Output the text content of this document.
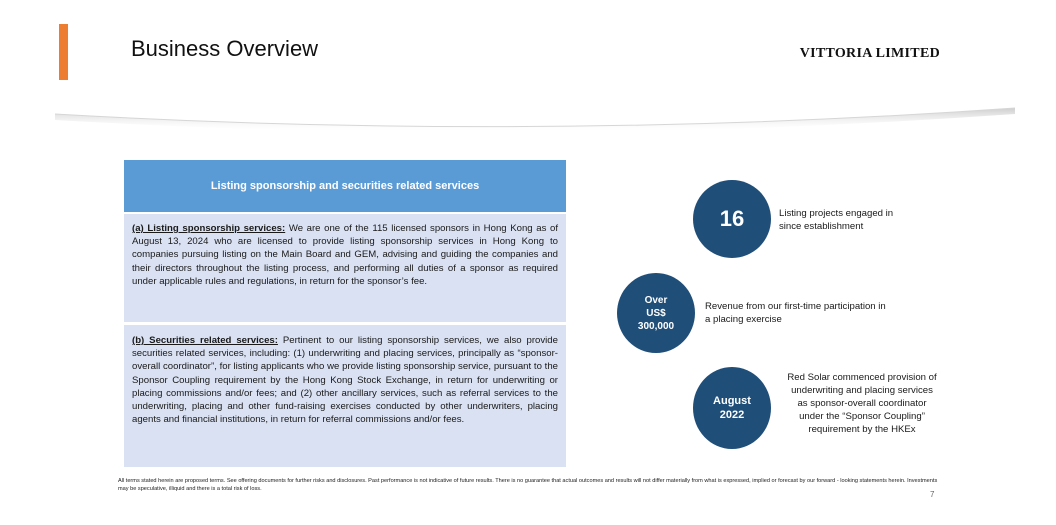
Business Overview	VITTORIA LIMITED
Listing sponsorship and securities related services
(a) Listing sponsorship services: We are one of the 115 licensed sponsors in Hong Kong as of August 13, 2024 who are licensed to provide listing sponsorship services in Hong Kong to companies pursuing listing on the Main Board and GEM, advising and guiding the companies and their directors throughout the listing process, and performing all duties of a sponsor as required under applicable rules and regulations, in return for the sponsor’s fee.
(b) Securities related services: Pertinent to our listing sponsorship services, we also provide securities related services, including: (1) underwriting and placing services, principally as “sponsor-overall coordinator”, for listing applicants who we provide listing sponsorship service, pursuant to the Sponsor Coupling requirement by the Hong Kong Stock Exchange, in return for underwriting or placing commissions and/or fees; and (2) other ancillary services, such as referral services to the underwriting, placing and other fund-raising exercises conducted by other underwriters, placing agents and financial institutions, in return for referral commissions and/or fees.
16	Listing projects engaged in
since establishment
Over
US$
300,000
Revenue from our first-time participation in
a placing exercise
August
2022
Red Solar commenced provision of
underwriting and placing services
as sponsor-overall coordinator
under the “Sponsor Coupling”
requirement by the HKEx
All terms stated herein are proposed terms. See offering documents for further risks and disclosures. Past performance is not indicative of future results. There is no guarantee that actual outcomes and results will not differ materially from what is expressed, implied or forecast by our forward - looking statements herein. Investments may be speculative, illiquid and there is a total risk of loss.
7
